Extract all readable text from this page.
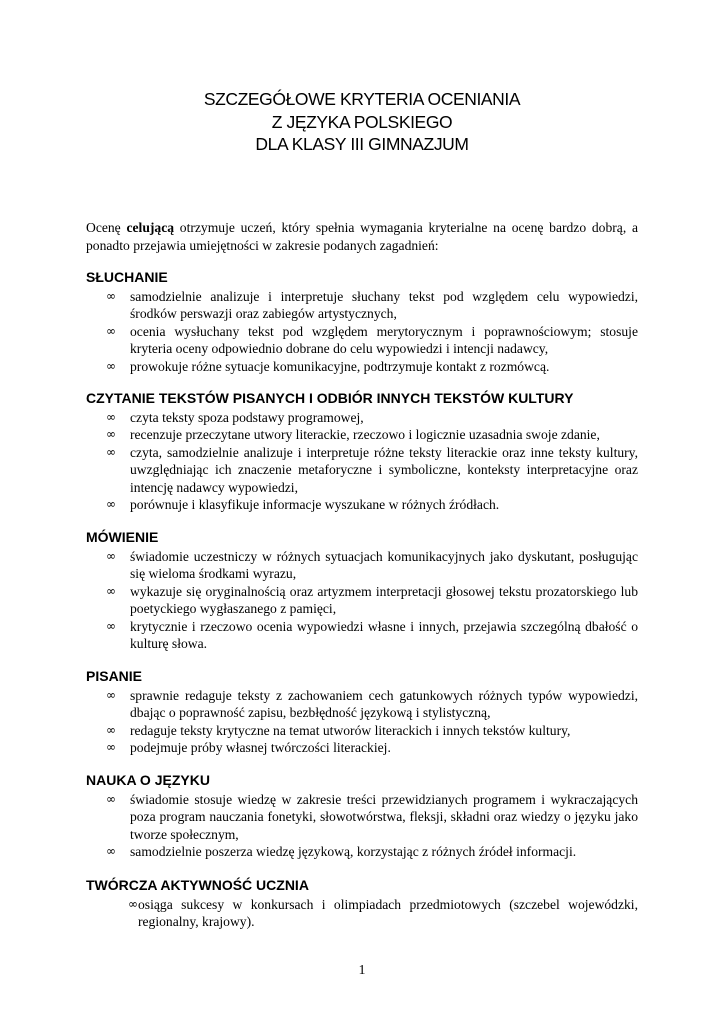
SZCZEGÓŁOWE KRYTERIA OCENIANIA
Z JĘZYKA POLSKIEGO
DLA KLASY III GIMNAZJUM

Ocenę celującą otrzymuje uczeń, który spełnia wymagania kryterialne na ocenę bardzo dobrą, a ponadto przejawia umiejętności w zakresie podanych zagadnień:

SŁUCHANIE
∞ samodzielnie analizuje i interpretuje słuchany tekst pod względem celu wypowiedzi, środków perswazji oraz zabiegów artystycznych,
∞ ocenia wysłuchany tekst pod względem merytorycznym i poprawnościowym; stosuje kryteria oceny odpowiednio dobrane do celu wypowiedzi i intencji nadawcy,
∞ prowokuje różne sytuacje komunikacyjne, podtrzymuje kontakt z rozmówcą.
CZYTANIE TEKSTÓW PISANYCH I ODBIÓR INNYCH TEKSTÓW KULTURY
∞ czyta teksty spoza podstawy programowej,
∞ recenzuje przeczytane utwory literackie, rzeczowo i logicznie uzasadnia swoje zdanie,
∞ czyta, samodzielnie analizuje i interpretuje różne teksty literackie oraz inne teksty kultury, uwzględniając ich znaczenie metaforyczne i symboliczne, konteksty interpretacyjne oraz intencję nadawcy wypowiedzi,
∞ porównuje i klasyfikuje informacje wyszukane w różnych źródłach.
MÓWIENIE
∞ świadomie uczestniczy w różnych sytuacjach komunikacyjnych jako dyskutant, posługując się wieloma środkami wyrazu,
∞ wykazuje się oryginalnością oraz artyzmem interpretacji głosowej tekstu prozatorskiego lub poetyckiego wygłaszanego z pamięci,
∞ krytycznie i rzeczowo ocenia wypowiedzi własne i innych, przejawia szczególną dbałość o kulturę słowa.
PISANIE
∞ sprawnie redaguje teksty z zachowaniem cech gatunkowych różnych typów wypowiedzi, dbając o poprawność zapisu, bezbłędność językową i stylistyczną,
∞ redaguje teksty krytyczne na temat utworów literackich i innych tekstów kultury,
∞ podejmuje próby własnej twórczości literackiej.
NAUKA O JĘZYKU
∞ świadomie stosuje wiedzę w zakresie treści przewidzianych programem i wykraczających poza program nauczania fonetyki, słowotwórstwa, fleksji, składni oraz wiedzy o języku jako tworze społecznym,
∞ samodzielnie poszerza wiedzę językową, korzystając z różnych źródeł informacji.
TWÓRCZA AKTYWNOŚĆ UCZNIA
∞ osiąga sukcesy w konkursach i olimpiadach przedmiotowych (szczebel wojewódzki, regionalny, krajowy).
1
